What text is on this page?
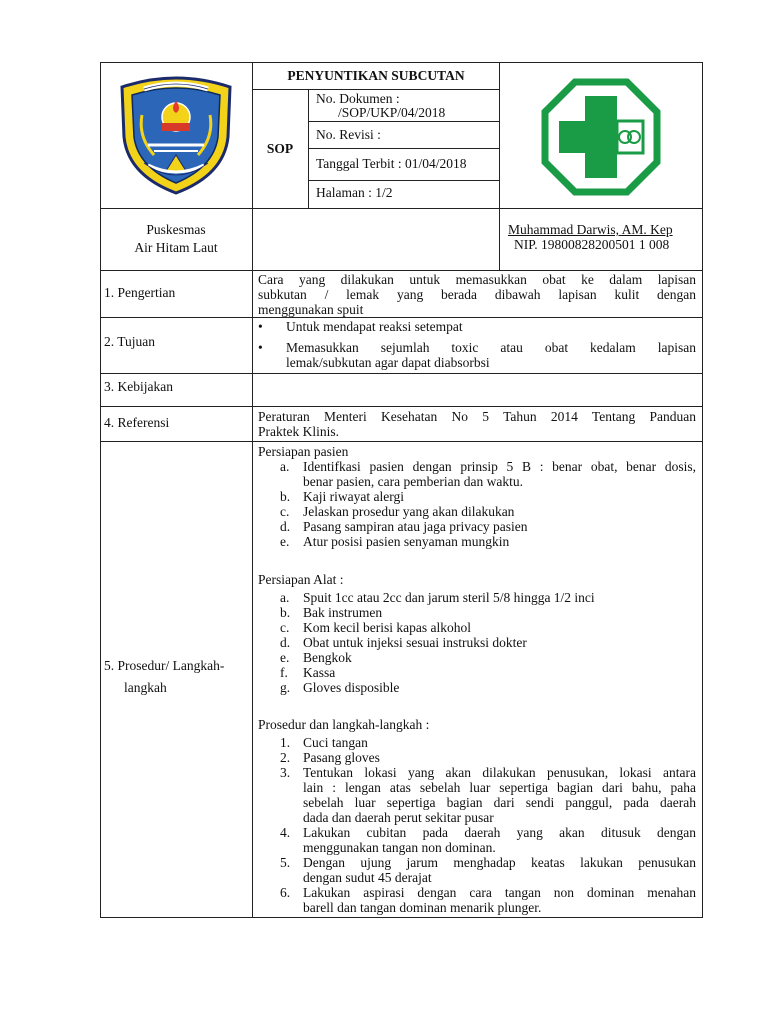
PENYUNTIKAN SUBCUTAN
SOP
No. Dokumen :
/SOP/UKP/04/2018
No. Revisi :
Tanggal Terbit : 01/04/2018
Halaman : 1/2
Puskesmas
Air Hitam Laut
Muhammad Darwis, AM. Kep
NIP. 19800828200501 1 008
1. Pengertian
Cara yang dilakukan untuk memasukkan obat ke dalam lapisan
subkutan / lemak yang berada dibawah lapisan kulit dengan
menggunakan spuit
2. Tujuan
• Untuk mendapat reaksi setempat
• Memasukkan sejumlah toxic atau obat kedalam lapisan
lemak/subkutan agar dapat diabsorbsi
3. Kebijakan
4. Referensi	Peraturan Menteri Kesehatan No 5 Tahun 2014 Tentang Panduan
Praktek Klinis.
5. Prosedur/ Langkah-
langkah
Persiapan pasien
a. Identifkasi pasien dengan prinsip 5 B : benar obat, benar dosis,
benar pasien, cara pemberian dan waktu.
b. Kaji riwayat alergi
c. Jelaskan prosedur yang akan dilakukan
d. Pasang sampiran atau jaga privacy pasien
e. Atur posisi pasien senyaman mungkin
Persiapan Alat :
a. Spuit 1cc atau 2cc dan jarum steril 5/8 hingga 1/2 inci
b. Bak instrumen
c. Kom kecil berisi kapas alkohol
d. Obat untuk injeksi sesuai instruksi dokter
e. Bengkok
f. Kassa
g. Gloves disposible
Prosedur dan langkah-langkah :
1. Cuci tangan
2. Pasang gloves
3. Tentukan lokasi yang akan dilakukan penusukan, lokasi antara
lain : lengan atas sebelah luar sepertiga bagian dari bahu, paha
sebelah luar sepertiga bagian dari sendi panggul, pada daerah
dada dan daerah perut sekitar pusar
4. Lakukan cubitan pada daerah yang akan ditusuk dengan
menggunakan tangan non dominan.
5. Dengan ujung jarum menghadap keatas lakukan penusukan
dengan sudut 45 derajat
6. Lakukan aspirasi dengan cara tangan non dominan menahan
barell dan tangan dominan menarik plunger.
